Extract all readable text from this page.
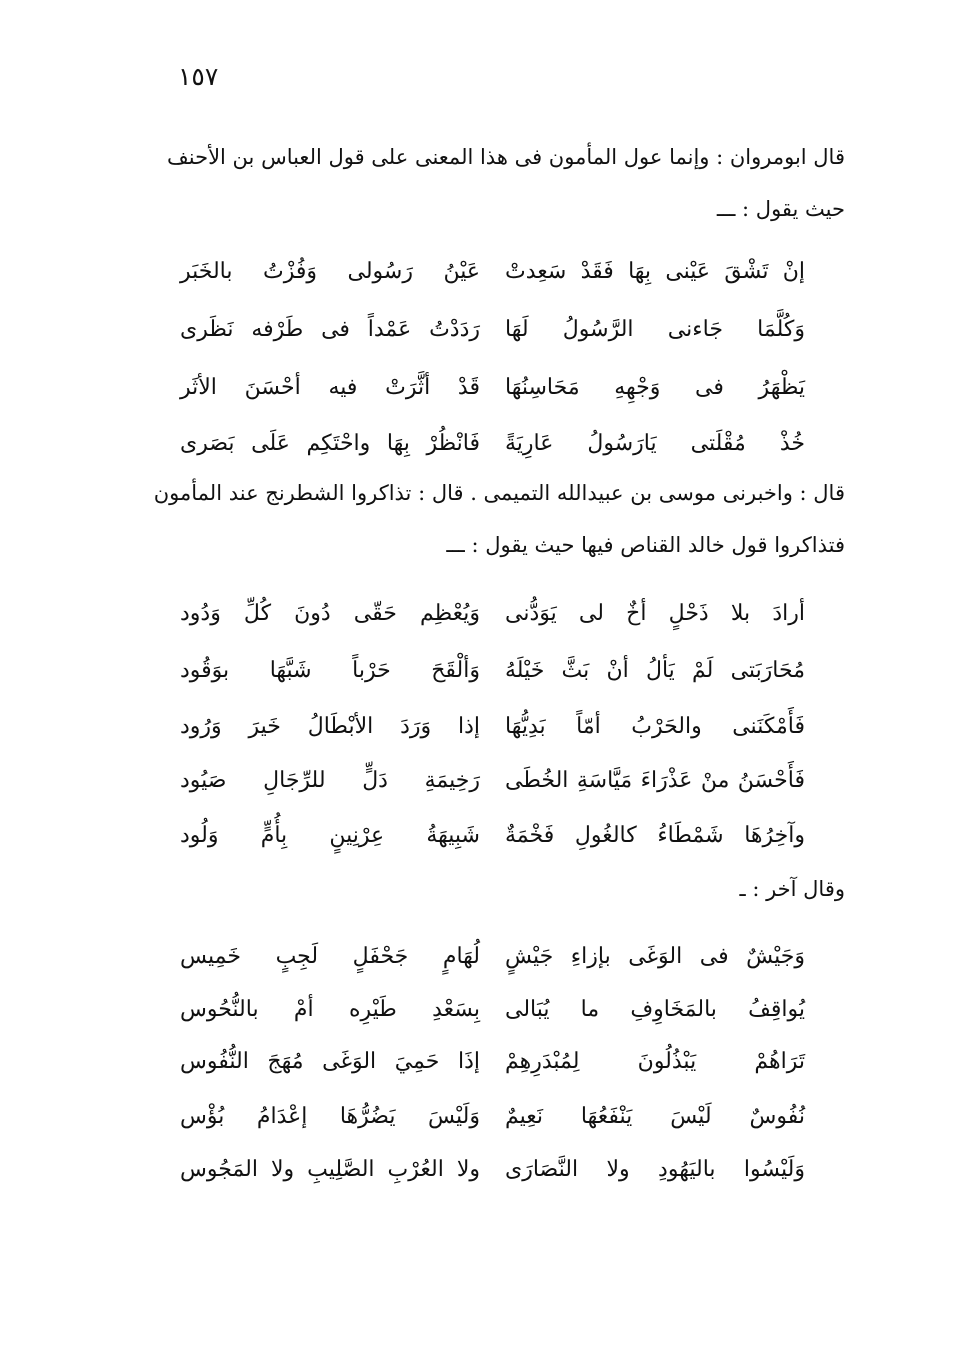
١٥٧
قال ابومروان : وإنما عول المأمون فى هذا المعنى على قول العباس بن الأحنف
حيث يقول : ـــ
إنْ تَشْقَ عَيْنى بِهَا فَقَدْ سَعِدتْ
عَيْنُ رَسُولى وَفُزْتُ بالخَبَر
وَكُلَّمَا جَاءنى الرَّسُولُ لَهَا
رَدَدْتُ عَمْداً فى طَرْفه نَظَرى
يَظْهَرُ فى وَجْهِهِ مَحَاسِنُهَا
قَدْ أثَّرَتْ فيه أحْسَنَ الأثَر
خُذْ مُقْلَتى يَارَسُولُ عَارِيَةً
فَانْظُرْ بِهَا واحْتَكِم عَلَى بَصَرى
قال : واخبرنى موسى بن عبيدالله التميمى . قال : تذاكروا الشطرنج عند المأمون
فتذاكروا قول خالد القناص فيها حيث يقول : ـــ
أرادَ بلا ذَحْلٍ أخٌ لى يَوَدُّنى
وَيُعْظِم حَقّى دُونَ كُلِّ وَدُود
مُحَارَبَتى لَمْ يَألُ أنْ بَثَّ خَيْلَهُ
وَألْقَحَ حَرْباً شَبَّهَا بوَقُود
فَأَمْكَنَنى والحَرْبُ أمّاً بَدِيُّهَا
إذا وَرَدَ الأبْطَالُ خَيرَ وَرُود
فَأَحْسَنُ منْ عَذْرَاءَ مَيَّاسَةِ الخُطَى
رَخِيمَةِ دَلٍّ للرِّجَالِ صَيُود
وآخِرُهَا شَمْطَاءُ كالغُولِ فَخْمَةٌ
شَبِيهَةُ عِرْنِينٍ بِأُمٍّ وَلُود
وقال آخر : ـ
وَجَيْشٌ فى الوَغَى بإزاءِ جَيْشٍ
لُهَامٍ جَحْفَلٍ لَجِبٍ خَمِيس
يُواقِفُ بالمَخَاوِفِ ما يُبَالى
بِسَعْدِ طَيْرِه أمْ بالنُّحُوس
تَرَاهُمْ يَبْذُلُونَ لِمُبْدَرِهِمْ
إذَا حَمِيَ الوَغَى مُهَجَ النُّفُوس
نُفُوسٌ لَيْسَ يَنْفَعُهَا نَعِيمٌ
وَلَيْسَ يَضُرُّهَا إعْدَامُ بُؤْس
وَلَيْسُوا باليَهُودِ ولا النَّصَارَى
ولا العُرْبِ الصَّلِيبِ ولا المَجُوس
